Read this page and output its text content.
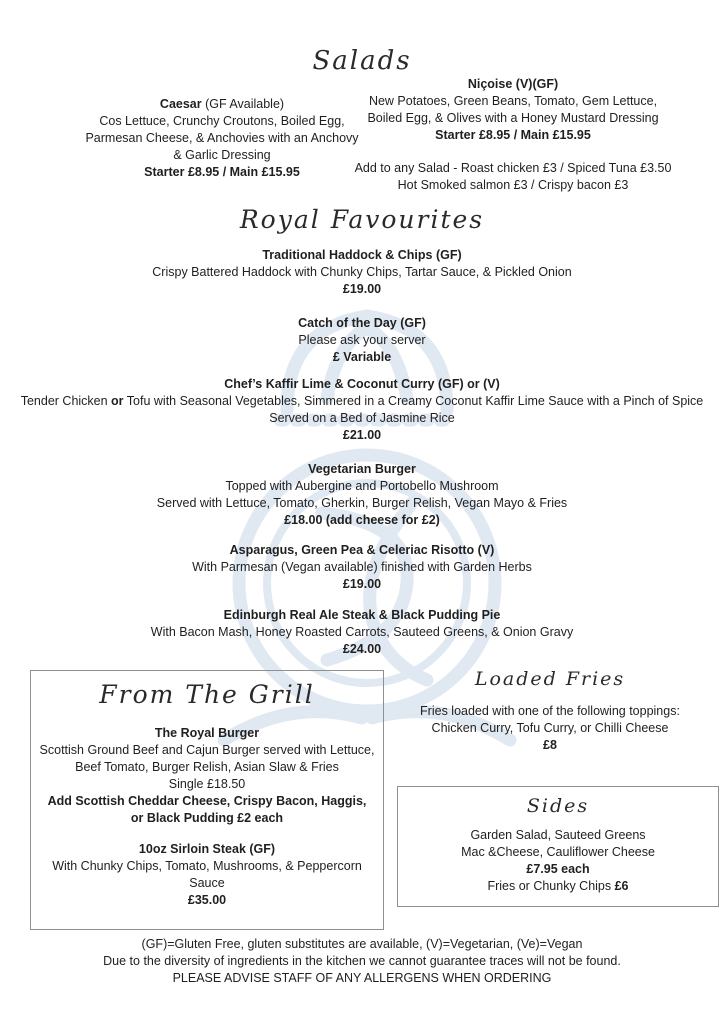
Salads
Caesar (GF Available)
Cos Lettuce, Crunchy Croutons, Boiled Egg,
Parmesan Cheese, & Anchovies with an Anchovy
& Garlic Dressing
Starter £8.95 / Main £15.95
Niçoise (V)(GF)
New Potatoes, Green Beans, Tomato, Gem Lettuce,
Boiled Egg, & Olives with a Honey Mustard Dressing
Starter £8.95 / Main £15.95
Add to any Salad - Roast chicken £3 / Spiced Tuna £3.50
Hot Smoked salmon £3 / Crispy bacon £3
Royal Favourites
Traditional Haddock & Chips (GF)
Crispy Battered Haddock with Chunky Chips, Tartar Sauce, & Pickled Onion
£19.00
Catch of the Day (GF)
Please ask your server
£ Variable
Chef’s Kaffir Lime & Coconut Curry (GF) or (V)
Tender Chicken or Tofu with Seasonal Vegetables, Simmered in a Creamy Coconut Kaffir Lime Sauce with a Pinch of Spice
Served on a Bed of Jasmine Rice
£21.00
Vegetarian Burger
Topped with Aubergine and Portobello Mushroom
Served with Lettuce, Tomato, Gherkin, Burger Relish, Vegan Mayo & Fries
£18.00 (add cheese for £2)
Asparagus, Green Pea & Celeriac Risotto (V)
With Parmesan (Vegan available) finished with Garden Herbs
£19.00
Edinburgh Real Ale Steak & Black Pudding Pie
With Bacon Mash, Honey Roasted Carrots, Sauteed Greens, & Onion Gravy
£24.00
From The Grill
The Royal Burger
Scottish Ground Beef and Cajun Burger served with Lettuce,
Beef Tomato, Burger Relish, Asian Slaw & Fries
Single £18.50
Add Scottish Cheddar Cheese, Crispy Bacon, Haggis,
or Black Pudding £2 each
10oz Sirloin Steak (GF)
With Chunky Chips, Tomato, Mushrooms, & Peppercorn
Sauce
£35.00
Loaded Fries
Fries loaded with one of the following toppings:
Chicken Curry, Tofu Curry, or Chilli Cheese
£8
Sides
Garden Salad, Sauteed Greens
Mac &Cheese, Cauliflower Cheese
£7.95 each
Fries or Chunky Chips £6
(GF)=Gluten Free, gluten substitutes are available, (V)=Vegetarian, (Ve)=Vegan
Due to the diversity of ingredients in the kitchen we cannot guarantee traces will not be found.
PLEASE ADVISE STAFF OF ANY ALLERGENS WHEN ORDERING
